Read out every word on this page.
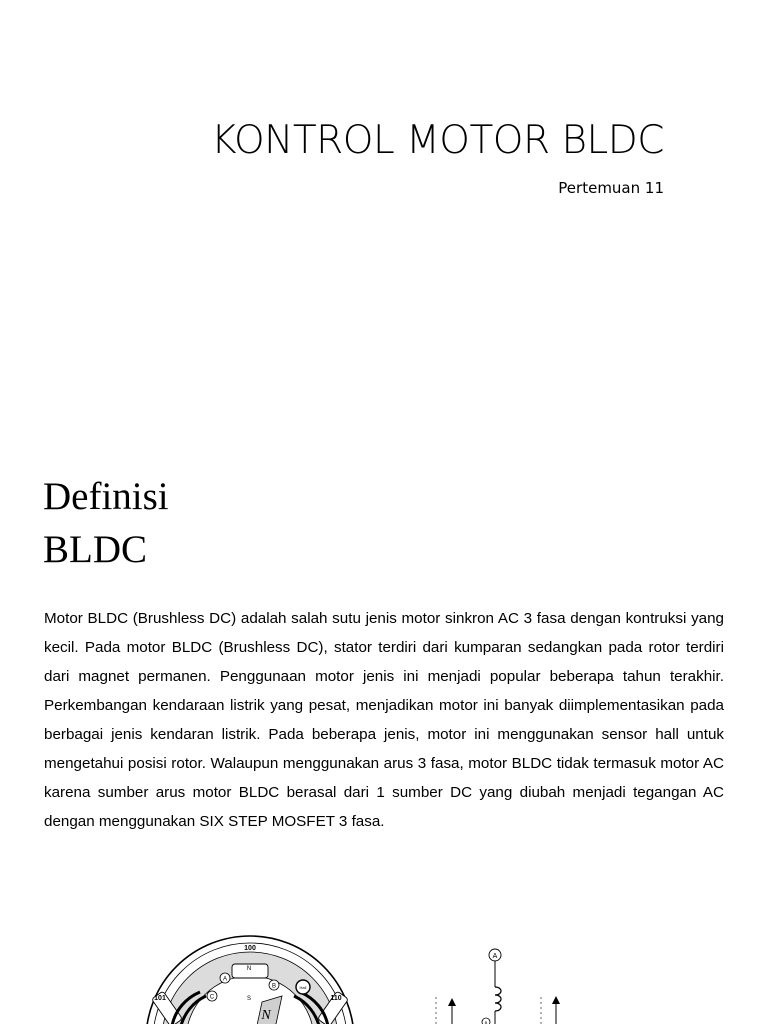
KONTROL MOTOR BLDC

Pertemuan 11

Definisi
BLDC

Motor BLDC (Brushless DC) adalah salah sutu jenis motor sinkron AC 3 fasa dengan kontruksi yang kecil. Pada motor BLDC (Brushless DC), stator terdiri dari kumparan sedangkan pada rotor terdiri dari magnet permanen. Penggunaan motor jenis ini menjadi popular beberapa tahun terakhir. Perkembangan kendaraan listrik yang pesat, menjadikan motor ini banyak diimplementasikan pada berbagai jenis kendaran listrik. Pada beberapa jenis, motor ini menggunakan sensor hall untuk mengetahui posisi rotor. Walaupun menggunakan arus 3 fasa, motor BLDC tidak termasuk motor AC karena sumber arus motor BLDC berasal dari 1 sumber DC yang diubah menjadi tegangan AC dengan menggunakan SIX STEP MOSFET 3 fasa.

100
101	110
N
S
N
A
B
C
Hall
A
B
